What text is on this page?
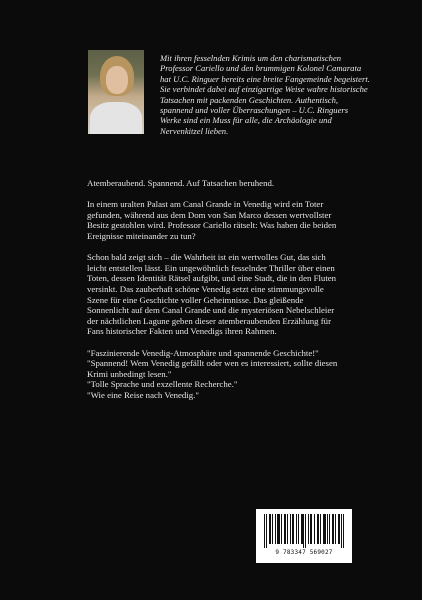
Mit ihren fesselnden Krimis um den charismatischen Professor Cariello und den brummigen Kolonel Camarata hat U.C. Ringuer bereits eine breite Fangemeinde begeistert. Sie verbindet dabei auf einzigartige Weise wahre historische Tatsachen mit packenden Geschichten. Authentisch, spannend und voller Überraschungen – U.C. Ringuers Werke sind ein Muss für alle, die Archäologie und Nervenkitzel lieben.

Atemberaubend. Spannend. Auf Tatsachen beruhend.

In einem uralten Palast am Canal Grande in Venedig wird ein Toter gefunden, während aus dem Dom von San Marco dessen wertvollster Besitz gestohlen wird. Professor Cariello rätselt: Was haben die beiden Ereignisse miteinander zu tun?

Schon bald zeigt sich – die Wahrheit ist ein wertvolles Gut, das sich leicht entstellen lässt. Ein ungewöhnlich fesselnder Thriller über einen Toten, dessen Identität Rätsel aufgibt, und eine Stadt, die in den Fluten versinkt. Das zauberhaft schöne Venedig setzt eine stimmungsvolle Szene für eine Geschichte voller Geheimnisse. Das gleißende Sonnenlicht auf dem Canal Grande und die mysteriösen Nebelschleier der nächtlichen Lagune geben dieser atemberaubenden Erzählung für Fans historischer Fakten und Venedigs ihren Rahmen.

"Faszinierende Venedig-Atmosphäre und spannende Geschichte!"

"Spannend! Wem Venedig gefällt oder wen es interessiert, sollte diesen Krimi unbedingt lesen."

"Tolle Sprache und exzellente Recherche."

"Wie eine Reise nach Venedig."

9 783347 569027
